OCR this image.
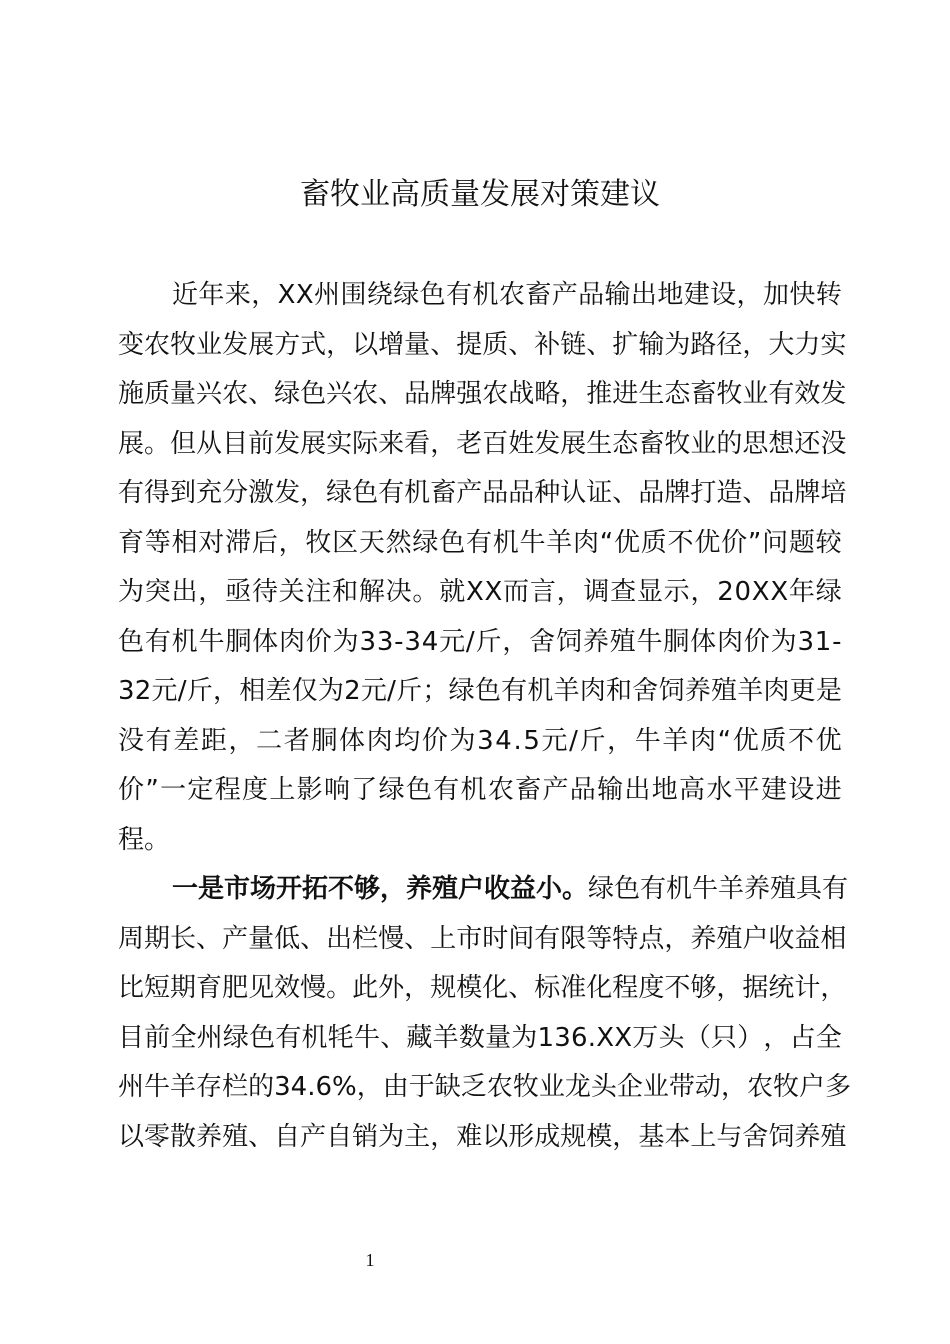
畜牧业高质量发展对策建议
近 年 来 ， X X 州 围 绕 绿 色 有 机 农 畜 产 品 输 出 地 建 设 ， 加 快 转
变 农 牧 业 发 展 方 式 ， 以 增 量 、 提 质 、 补 链 、 扩 输 为 路 径 ， 大 力 实
施 质 量 兴 农 、 绿 色 兴 农 、 品 牌 强 农 战 略 ， 推 进 生 态 畜 牧 业 有 效 发
展 。 但 从 目 前 发 展 实 际 来 看 ， 老 百 姓 发 展 生 态 畜 牧 业 的 思 想 还 没
有 得 到 充 分 激 发 ， 绿 色 有 机 畜 产 品 品 种 认 证 、 品 牌 打 造 、 品 牌 培
育 等 相 对 滞 后 ， 牧 区 天 然 绿 色 有 机 牛 羊 肉 “ 优 质 不 优 价 ” 问 题 较
为 突 出 ， 亟 待 关 注 和 解 决 。 就 X X 而 言 ， 调 查 显 示 ， 2 0 X X 年 绿
色 有 机 牛 胴 体 肉 价 为 3 3 - 3 4 元 / 斤 ， 舍 饲 养 殖 牛 胴 体 肉 价 为 3 1 -
3 2 元 / 斤 ， 相 差 仅 为 2 元 / 斤 ； 绿 色 有 机 羊 肉 和 舍 饲 养 殖 羊 肉 更 是
没 有 差 距 ， 二 者 胴 体 肉 均 价 为 3 4 . 5 元 / 斤 ， 牛 羊 肉 “ 优 质 不 优
价 ” 一 定 程 度 上 影 响 了 绿 色 有 机 农 畜 产 品 输 出 地 高 水 平 建 设 进
程。
一是市场开拓不够，养殖户收益小。 绿色有机牛羊养殖具有
周 期 长 、 产 量 低 、 出 栏 慢 、 上 市 时 间 有 限 等 特 点 ， 养 殖 户 收 益 相
比 短 期 育 肥 见 效 慢 。 此 外 ， 规 模 化 、 标 准 化 程 度 不 够 ， 据 统 计 ，
目 前 全 州 绿 色 有 机 牦 牛 、 藏 羊 数 量 为 1 3 6 . X X 万 头 （ 只 ） ， 占 全
州 牛 羊 存 栏 的 3 4 . 6 % ， 由 于 缺 乏 农 牧 业 龙 头 企 业 带 动 ， 农 牧 户 多
以 零 散 养 殖 、 自 产 自 销 为 主 ， 难 以 形 成 规 模 ， 基 本 上 与 舍 饲 养 殖
1
